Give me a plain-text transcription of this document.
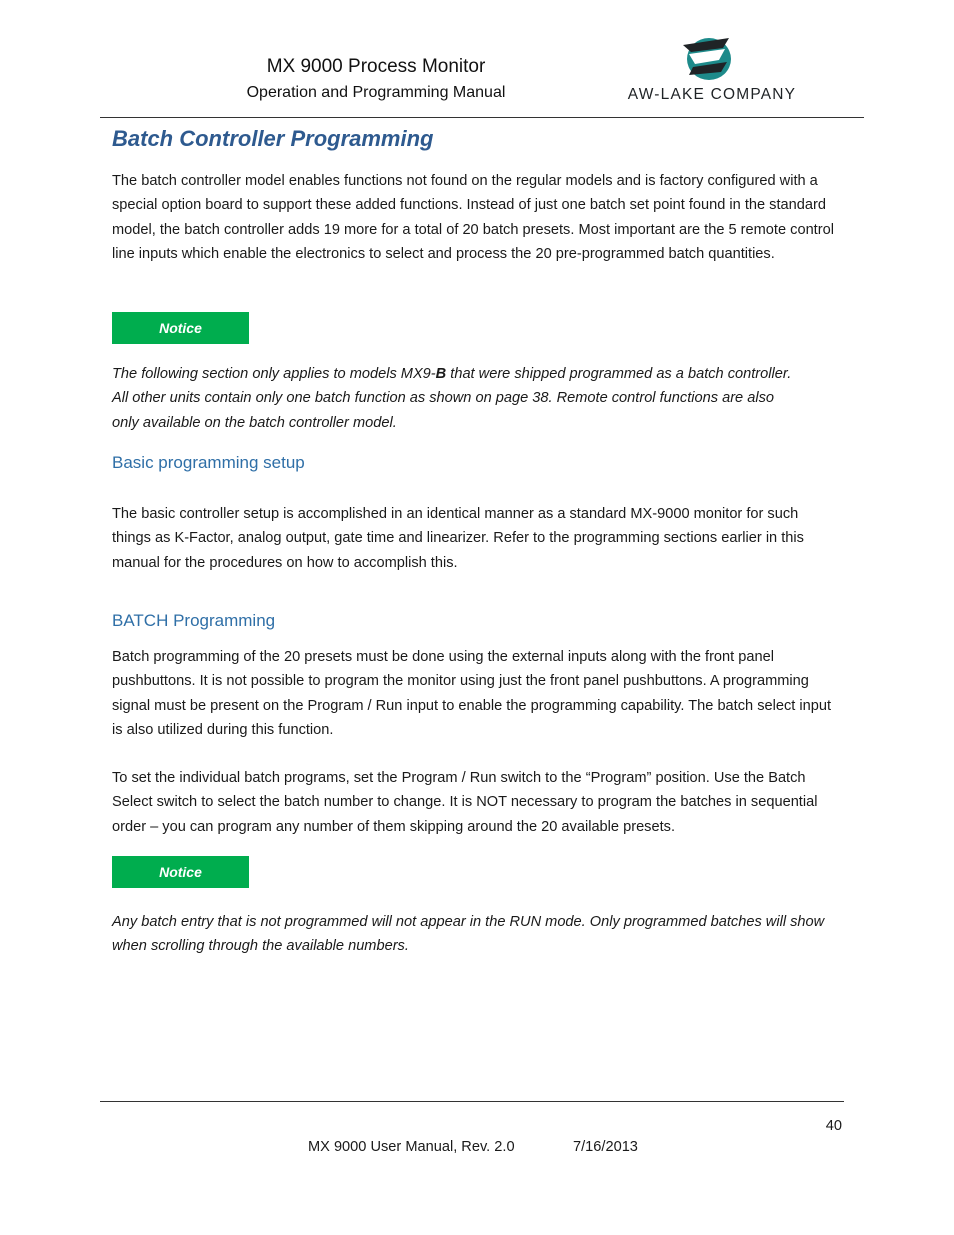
MX 9000 Process Monitor
Operation and Programming Manual	AW-LAKE COMPANY
Batch Controller Programming
The batch controller model enables functions not found on the regular models and is factory configured with a special option board to support these added functions. Instead of just one batch set point found in the standard model, the batch controller adds 19 more for a total of 20 batch presets. Most important are the 5 remote control line inputs which enable the electronics to select and process the 20 pre-programmed batch quantities.
Notice
The following section only applies to models MX9-B that were shipped programmed as a batch controller. All other units contain only one batch function as shown on page 38. Remote control functions are also only available on the batch controller model.
Basic programming setup
The basic controller setup is accomplished in an identical manner as a standard MX-9000 monitor for such things as K-Factor, analog output, gate time and linearizer. Refer to the programming sections earlier in this manual for the procedures on how to accomplish this.
BATCH Programming
Batch programming of the 20 presets must be done using the external inputs along with the front panel pushbuttons. It is not possible to program the monitor using just the front panel pushbuttons. A programming signal must be present on the Program / Run input to enable the programming capability. The batch select input is also utilized during this function.
To set the individual batch programs, set the Program / Run switch to the “Program” position. Use the Batch Select switch to select the batch number to change. It is NOT necessary to program the batches in sequential order – you can program any number of them skipping around the 20 available presets.
Notice
Any batch entry that is not programmed will not appear in the RUN mode. Only programmed batches will show when scrolling through the available numbers.
40
MX 9000 User Manual, Rev. 2.0	7/16/2013
